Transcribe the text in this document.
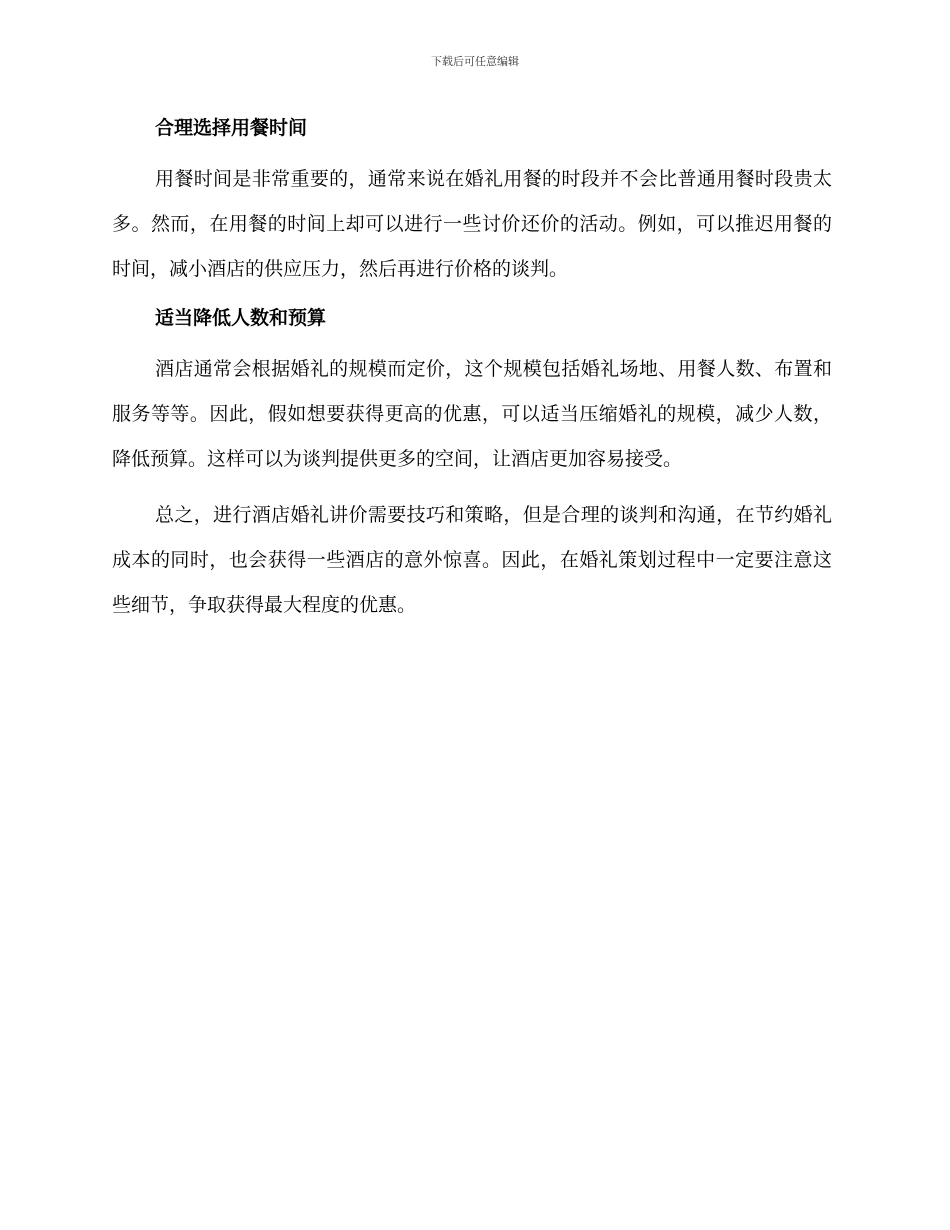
下载后可任意编辑
合理选择用餐时间

用餐时间是非常重要的，通常来说在婚礼用餐的时段并不会比普通用餐时段贵太多。然而，在用餐的时间上却可以进行一些讨价还价的活动。例如，可以推迟用餐的时间，减小酒店的供应压力，然后再进行价格的谈判。

适当降低人数和预算

酒店通常会根据婚礼的规模而定价，这个规模包括婚礼场地、用餐人数、布置和服务等等。因此，假如想要获得更高的优惠，可以适当压缩婚礼的规模，减少人数，降低预算。这样可以为谈判提供更多的空间，让酒店更加容易接受。

总之，进行酒店婚礼讲价需要技巧和策略，但是合理的谈判和沟通，在节约婚礼成本的同时，也会获得一些酒店的意外惊喜。因此，在婚礼策划过程中一定要注意这些细节，争取获得最大程度的优惠。
